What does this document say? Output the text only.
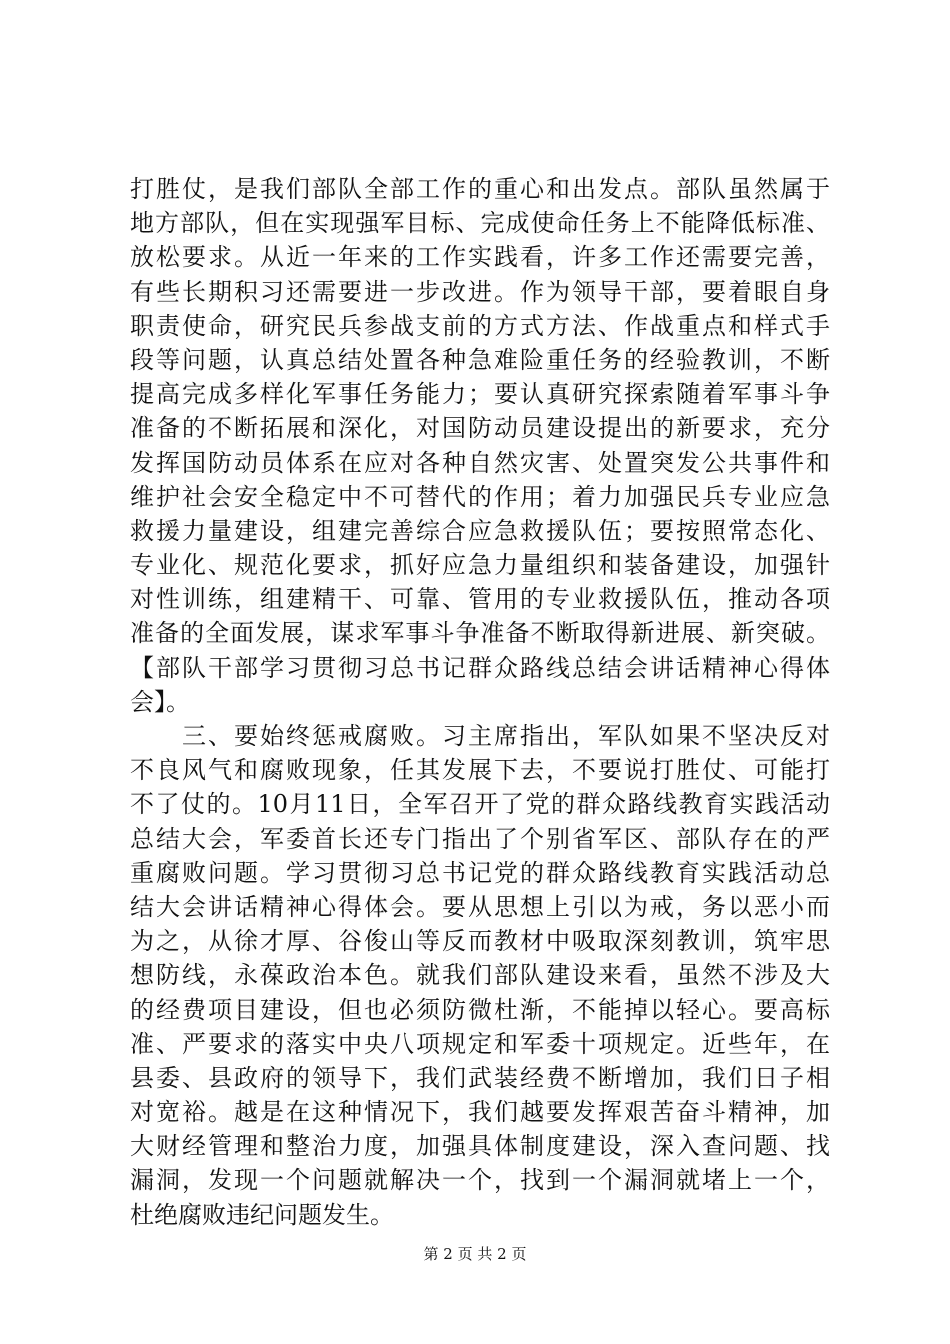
打胜仗，是我们部队全部工作的重心和出发点。部队虽然属于
地方部队，但在实现强军目标、完成使命任务上不能降低标准、
放松要求。从近一年来的工作实践看，许多工作还需要完善，
有些长期积习还需要进一步改进。作为领导干部，要着眼自身
职责使命，研究民兵参战支前的方式方法、作战重点和样式手
段等问题，认真总结处置各种急难险重任务的经验教训，不断
提高完成多样化军事任务能力；要认真研究探索随着军事斗争
准备的不断拓展和深化，对国防动员建设提出的新要求，充分
发挥国防动员体系在应对各种自然灾害、处置突发公共事件和
维护社会安全稳定中不可替代的作用；着力加强民兵专业应急
救援力量建设，组建完善综合应急救援队伍；要按照常态化、
专业化、规范化要求，抓好应急力量组织和装备建设，加强针
对性训练，组建精干、可靠、管用的专业救援队伍，推动各项
准备的全面发展，谋求军事斗争准备不断取得新进展、新突破。
【部队干部学习贯彻习总书记群众路线总结会讲话精神心得体
会】。
　　三、要始终惩戒腐败。习主席指出，军队如果不坚决反对
不良风气和腐败现象，任其发展下去，不要说打胜仗、可能打
不了仗的。10月11日，全军召开了党的群众路线教育实践活动
总结大会，军委首长还专门指出了个别省军区、部队存在的严
重腐败问题。学习贯彻习总书记党的群众路线教育实践活动总
结大会讲话精神心得体会。要从思想上引以为戒，务以恶小而
为之，从徐才厚、谷俊山等反而教材中吸取深刻教训，筑牢思
想防线，永葆政治本色。就我们部队建设来看，虽然不涉及大
的经费项目建设，但也必须防微杜渐，不能掉以轻心。要高标
准、严要求的落实中央八项规定和军委十项规定。近些年，在
县委、县政府的领导下，我们武装经费不断增加，我们日子相
对宽裕。越是在这种情况下，我们越要发挥艰苦奋斗精神，加
大财经管理和整治力度，加强具体制度建设，深入查问题、找
漏洞，发现一个问题就解决一个，找到一个漏洞就堵上一个，
杜绝腐败违纪问题发生。
第 2 页 共 2 页
